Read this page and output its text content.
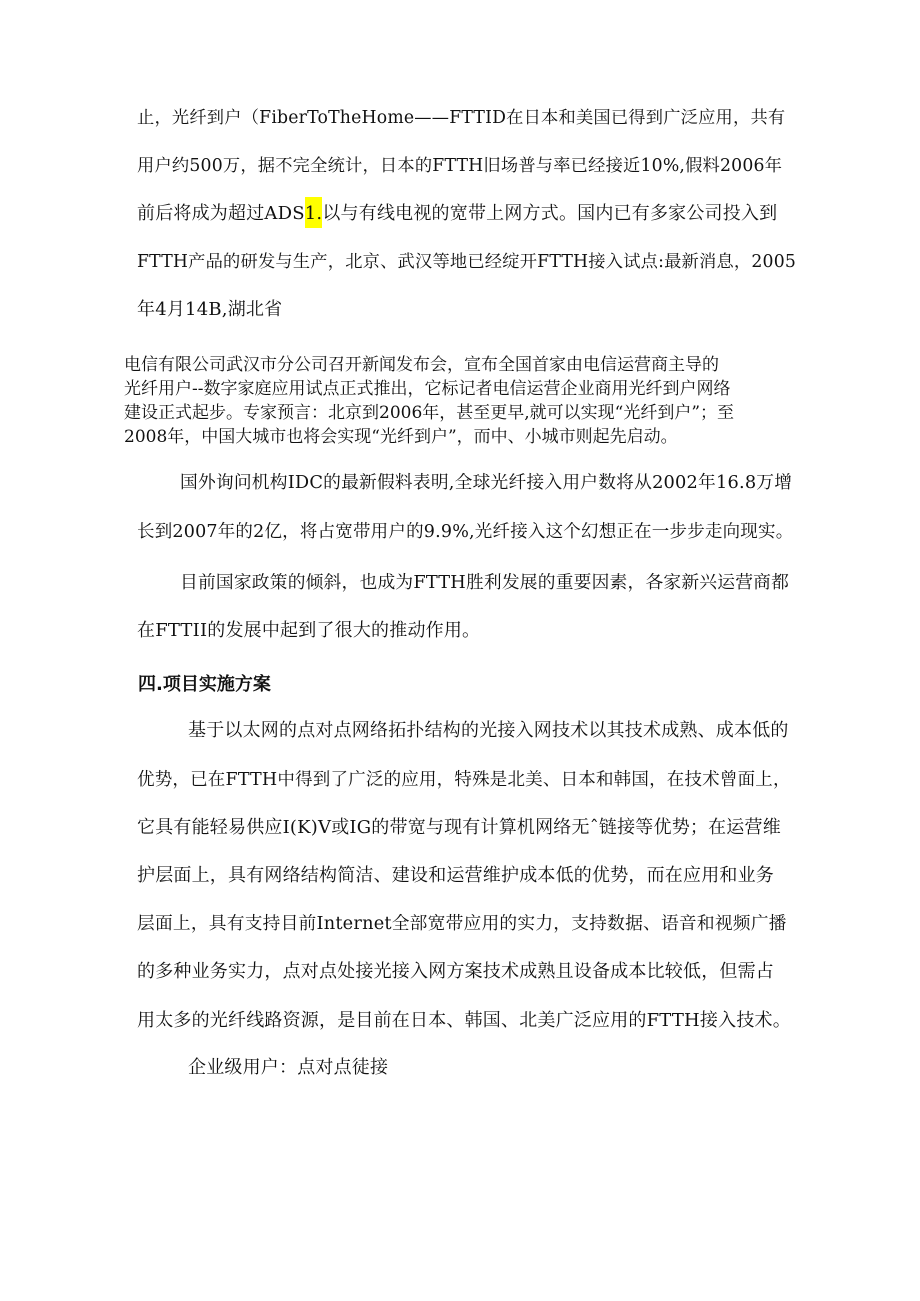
止，光纤到户（FiberToTheHome——FTTID在日本和美国已得到广泛应用，共有
用户约500万，据不完全统计，日本的FTTH旧场普与率已经接近10%,假料2006年
前后将成为超过ADS1.以与有线电视的宽带上网方式。国内已有多家公司投入到
FTTH产品的研发与生产，北京、武汉等地已经绽开FTTH接入试点:最新消息，2005
年4月14B,湖北省
电信有限公司武汉市分公司召开新闻发布会，宣布全国首家由电信运营商主导的
光纤用户--数字家庭应用试点正式推出，它标记者电信运营企业商用光纤到户网络
建设正式起步。专家预言：北京到2006年，甚至更早,就可以实现“光纤到户”；至
2008年，中国大城市也将会实现“光纤到户”，而中、小城市则起先启动。
国外询问机构IDC的最新假料表明,全球光纤接入用户数将从2002年16.8万增
长到2007年的2亿，将占宽带用户的9.9%,光纤接入这个幻想正在一步步走向现实。
目前国家政策的倾斜，也成为FTTH胜利发展的重要因素，各家新兴运营商都
在FTTII的发展中起到了很大的推动作用。
四.项目实施方案
基于以太网的点对点网络拓扑结构的光接入网技术以其技术成熟、成本低的
优势，已在FTTH中得到了广泛的应用，特殊是北美、日本和韩国，在技术曾面上，
它具有能轻易供应I(K)V或IG的带宽与现有计算机网络无ˆ链接等优势；在运营维
护层面上，具有网络结构简洁、建设和运营维护成本低的优势，而在应用和业务
层面上，具有支持目前Internet全部宽带应用的实力，支持数据、语音和视频广播
的多种业务实力，点对点处接光接入网方案技术成熟且设备成本比较低，但需占
用太多的光纤线路资源，是目前在日本、韩国、北美广泛应用的FTTH接入技术。
企业级用户：点对点徒接
